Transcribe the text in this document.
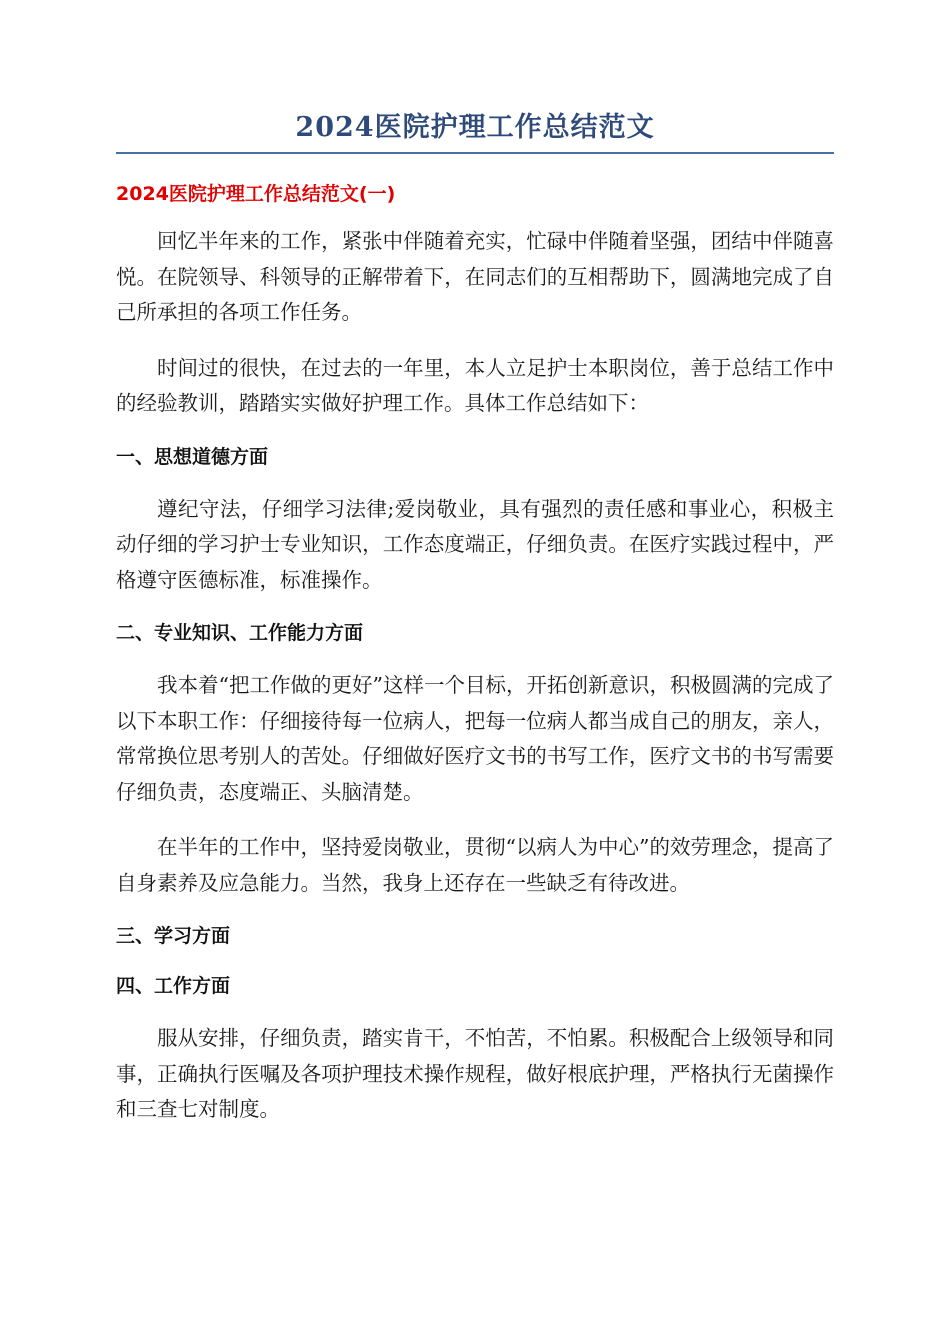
2024医院护理工作总结范文
2024医院护理工作总结范文(一)

回忆半年来的工作，紧张中伴随着充实，忙碌中伴随着坚强，团结中伴随喜悦。在院领导、科领导的正解带着下，在同志们的互相帮助下，圆满地完成了自己所承担的各项工作任务。

时间过的很快，在过去的一年里，本人立足护士本职岗位，善于总结工作中的经验教训，踏踏实实做好护理工作。具体工作总结如下：

一、思想道德方面

遵纪守法，仔细学习法律;爱岗敬业，具有强烈的责任感和事业心，积极主动仔细的学习护士专业知识，工作态度端正，仔细负责。在医疗实践过程中，严格遵守医德标准，标准操作。

二、专业知识、工作能力方面

我本着“把工作做的更好”这样一个目标，开拓创新意识，积极圆满的完成了以下本职工作：仔细接待每一位病人，把每一位病人都当成自己的朋友，亲人，常常换位思考别人的苦处。仔细做好医疗文书的书写工作，医疗文书的书写需要仔细负责，态度端正、头脑清楚。

在半年的工作中，坚持爱岗敬业，贯彻“以病人为中心”的效劳理念，提高了自身素养及应急能力。当然，我身上还存在一些缺乏有待改进。

三、学习方面
四、工作方面

服从安排，仔细负责，踏实肯干，不怕苦，不怕累。积极配合上级领导和同事，正确执行医嘱及各项护理技术操作规程，做好根底护理，严格执行无菌操作和三查七对制度。
